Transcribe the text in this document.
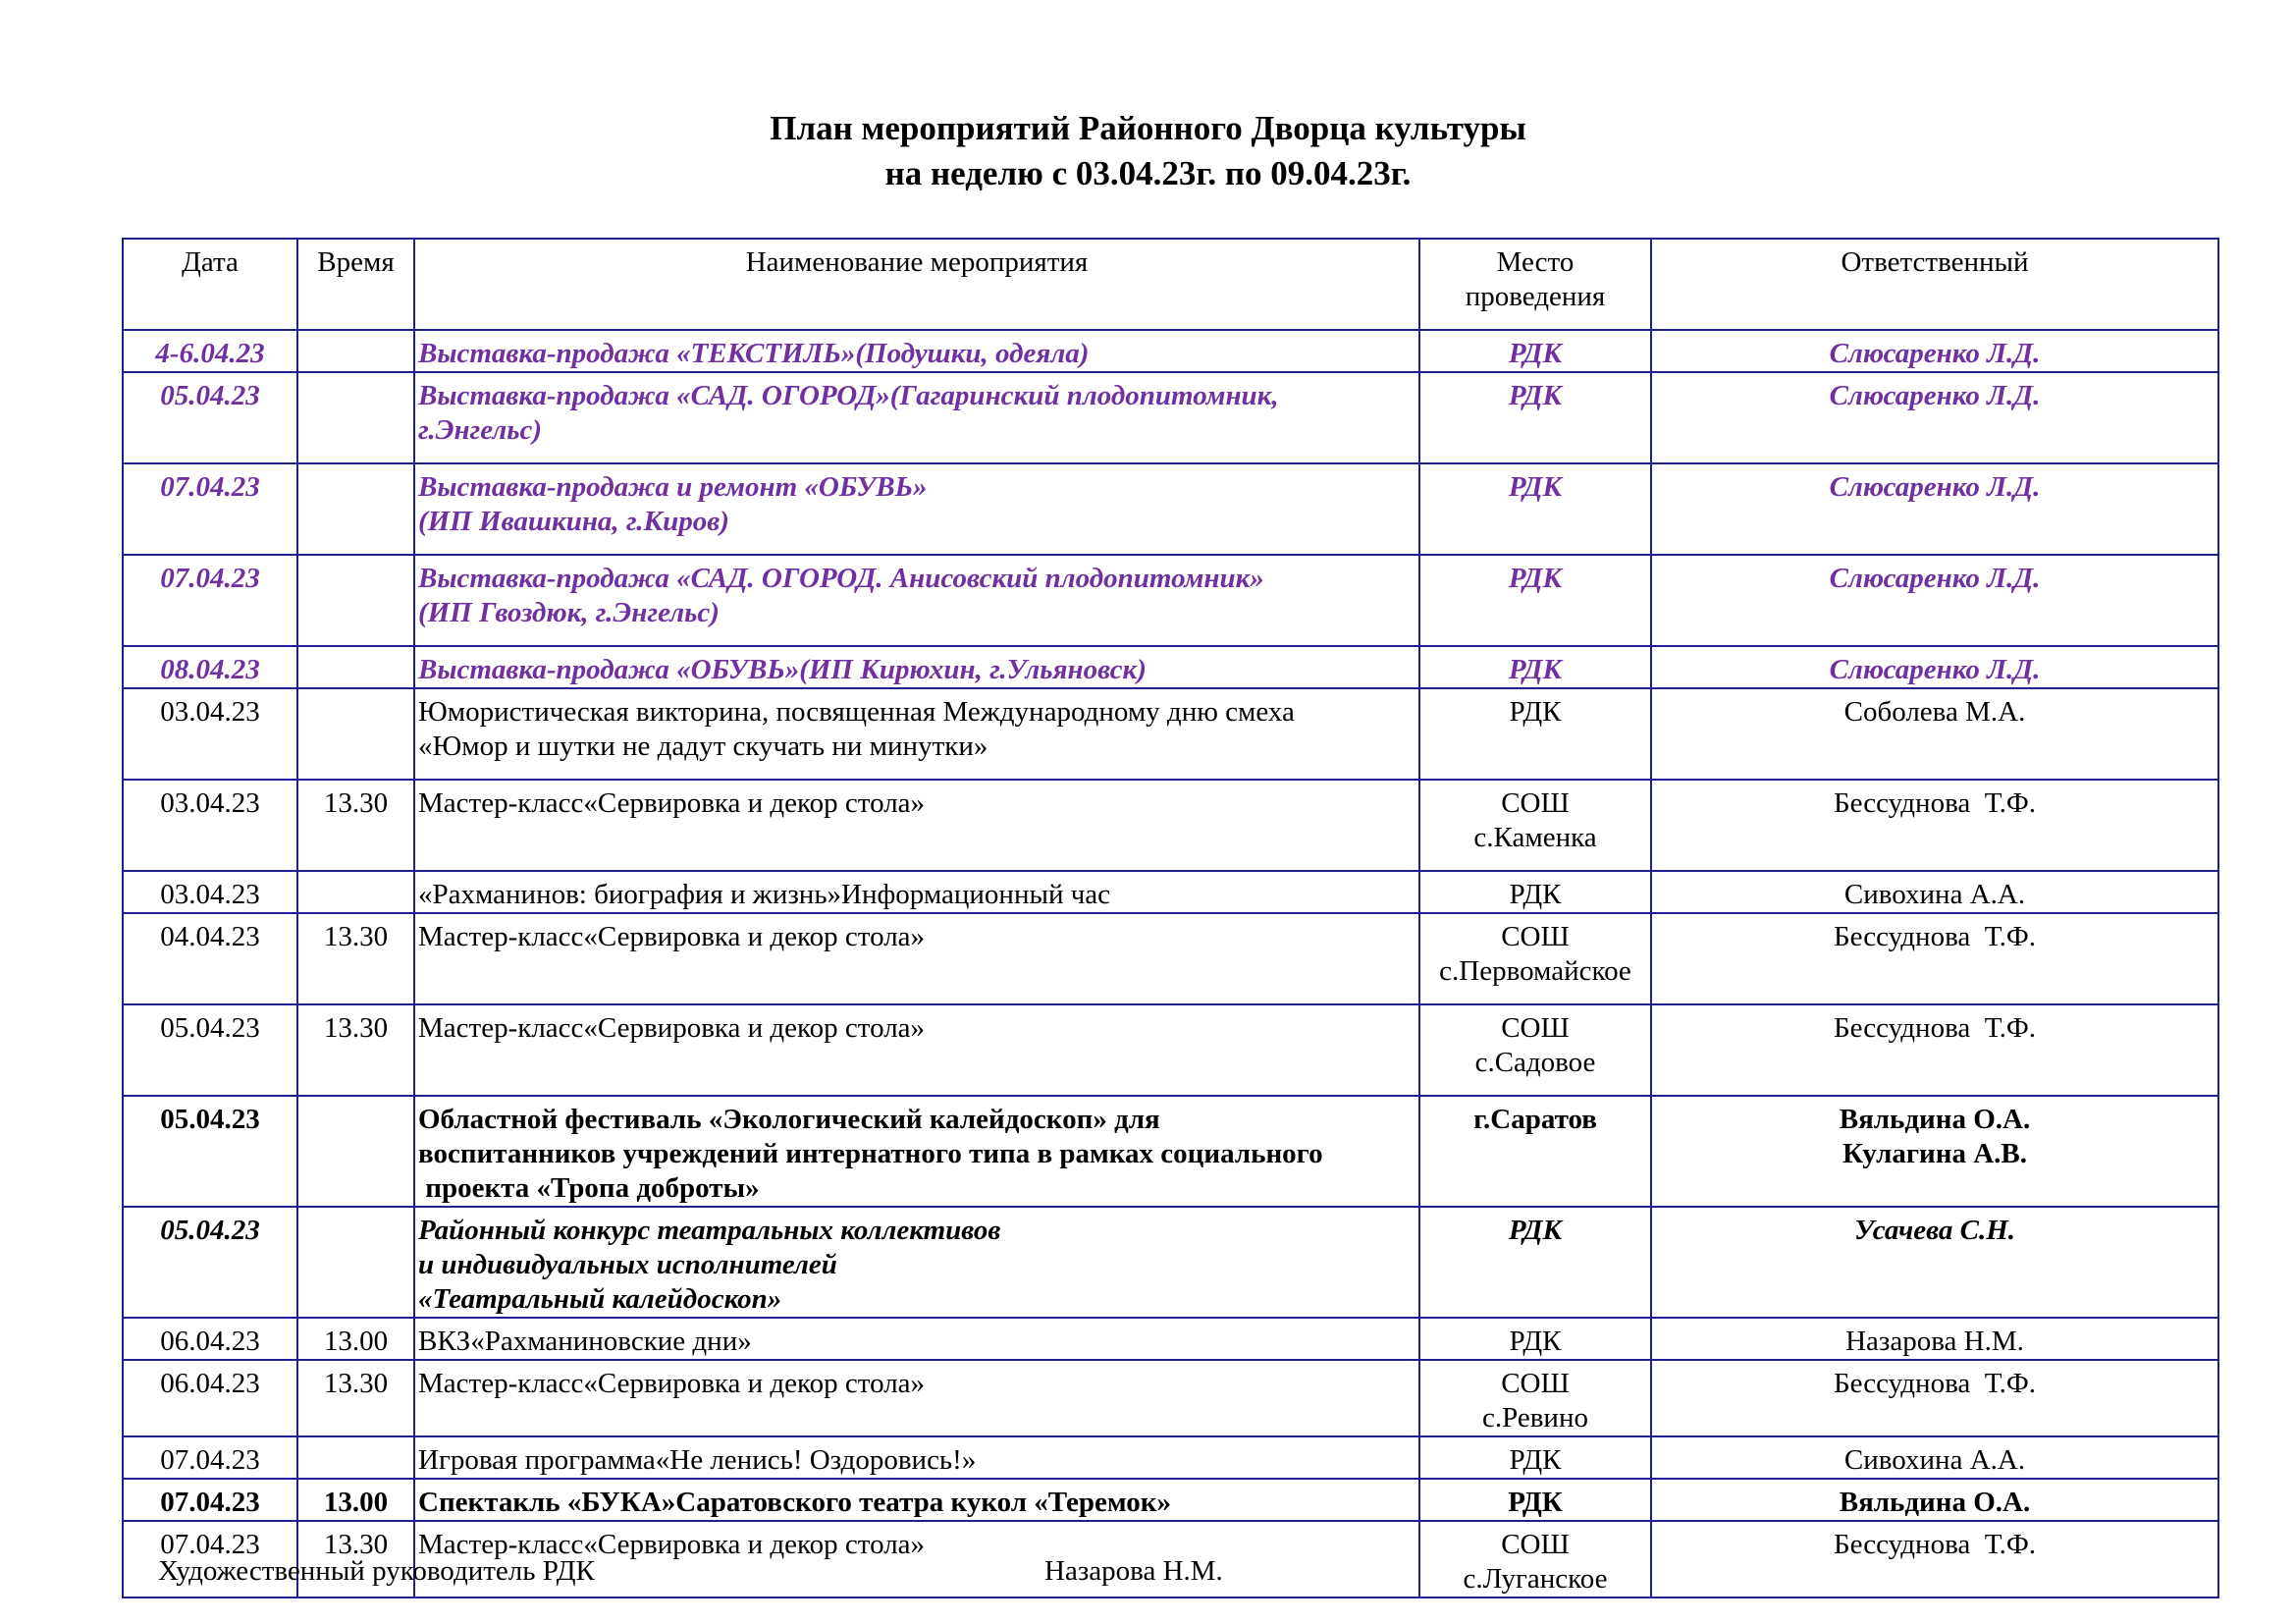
План мероприятий Районного Дворца культуры
на неделю с 03.04.23г. по 09.04.23г.
Дата	Время	Наименование мероприятия	Место
проведения	Ответственный
4-6.04.23		Выставка-продажа «ТЕКСТИЛЬ»(Подушки, одеяла)	РДК	Слюсаренко Л.Д.

05.04.23		Выставка-продажа «САД. ОГОРОД»(Гагаринский плодопитомник,
г.Энгельс)	РДК	Слюсаренко Л.Д.

07.04.23		Выставка-продажа и ремонт «ОБУВЬ»
(ИП Ивашкина, г.Киров)	РДК	Слюсаренко Л.Д.

07.04.23		Выставка-продажа «САД. ОГОРОД. Анисовский плодопитомник»
(ИП Гвоздюк, г.Энгельс)	РДК	Слюсаренко Л.Д.

08.04.23		Выставка-продажа «ОБУВЬ»(ИП Кирюхин, г.Ульяновск)	РДК	Слюсаренко Л.Д.

03.04.23		Юмористическая викторина, посвященная Международному дню смеха
«Юмор и шутки не дадут скучать ни минутки»	РДК	Соболева М.А.

03.04.23	13.30	Мастер-класс«Сервировка и декор стола»	СОШ
с.Каменка	Бессуднова  Т.Ф.

03.04.23		«Рахманинов: биография и жизнь»Информационный час	РДК	Сивохина А.А.

04.04.23	13.30	Мастер-класс«Сервировка и декор стола»	СОШ
с.Первомайское	Бессуднова  Т.Ф.

05.04.23	13.30	Мастер-класс«Сервировка и декор стола»	СОШ
с.Садовое	Бессуднова  Т.Ф.

05.04.23		Областной фестиваль «Экологический калейдоскоп» для
воспитанников учреждений интернатного типа в рамках социального
проекта «Тропа доброты»	г.Саратов	Вяльдина О.А.
Кулагина А.В.

05.04.23		Районный конкурс театральных коллективов
и индивидуальных исполнителей
«Театральный калейдоскоп»	РДК	Усачева С.Н.

06.04.23	13.00	ВКЗ«Рахманиновские дни»	РДК	Назарова Н.М.

06.04.23	13.30	Мастер-класс«Сервировка и декор стола»	СОШ
с.Ревино	Бессуднова  Т.Ф.

07.04.23		Игровая программа«Не ленись! Оздоровись!»	РДК	Сивохина А.А.

07.04.23	13.00	Спектакль «БУКА»Саратовского театра кукол «Теремок»	РДК	Вяльдина О.А.

07.04.23	13.30	Мастер-класс«Сервировка и декор стола»	СОШ
с.Луганское	Бессуднова  Т.Ф.
Художественный руководитель РДК	Назарова Н.М.
